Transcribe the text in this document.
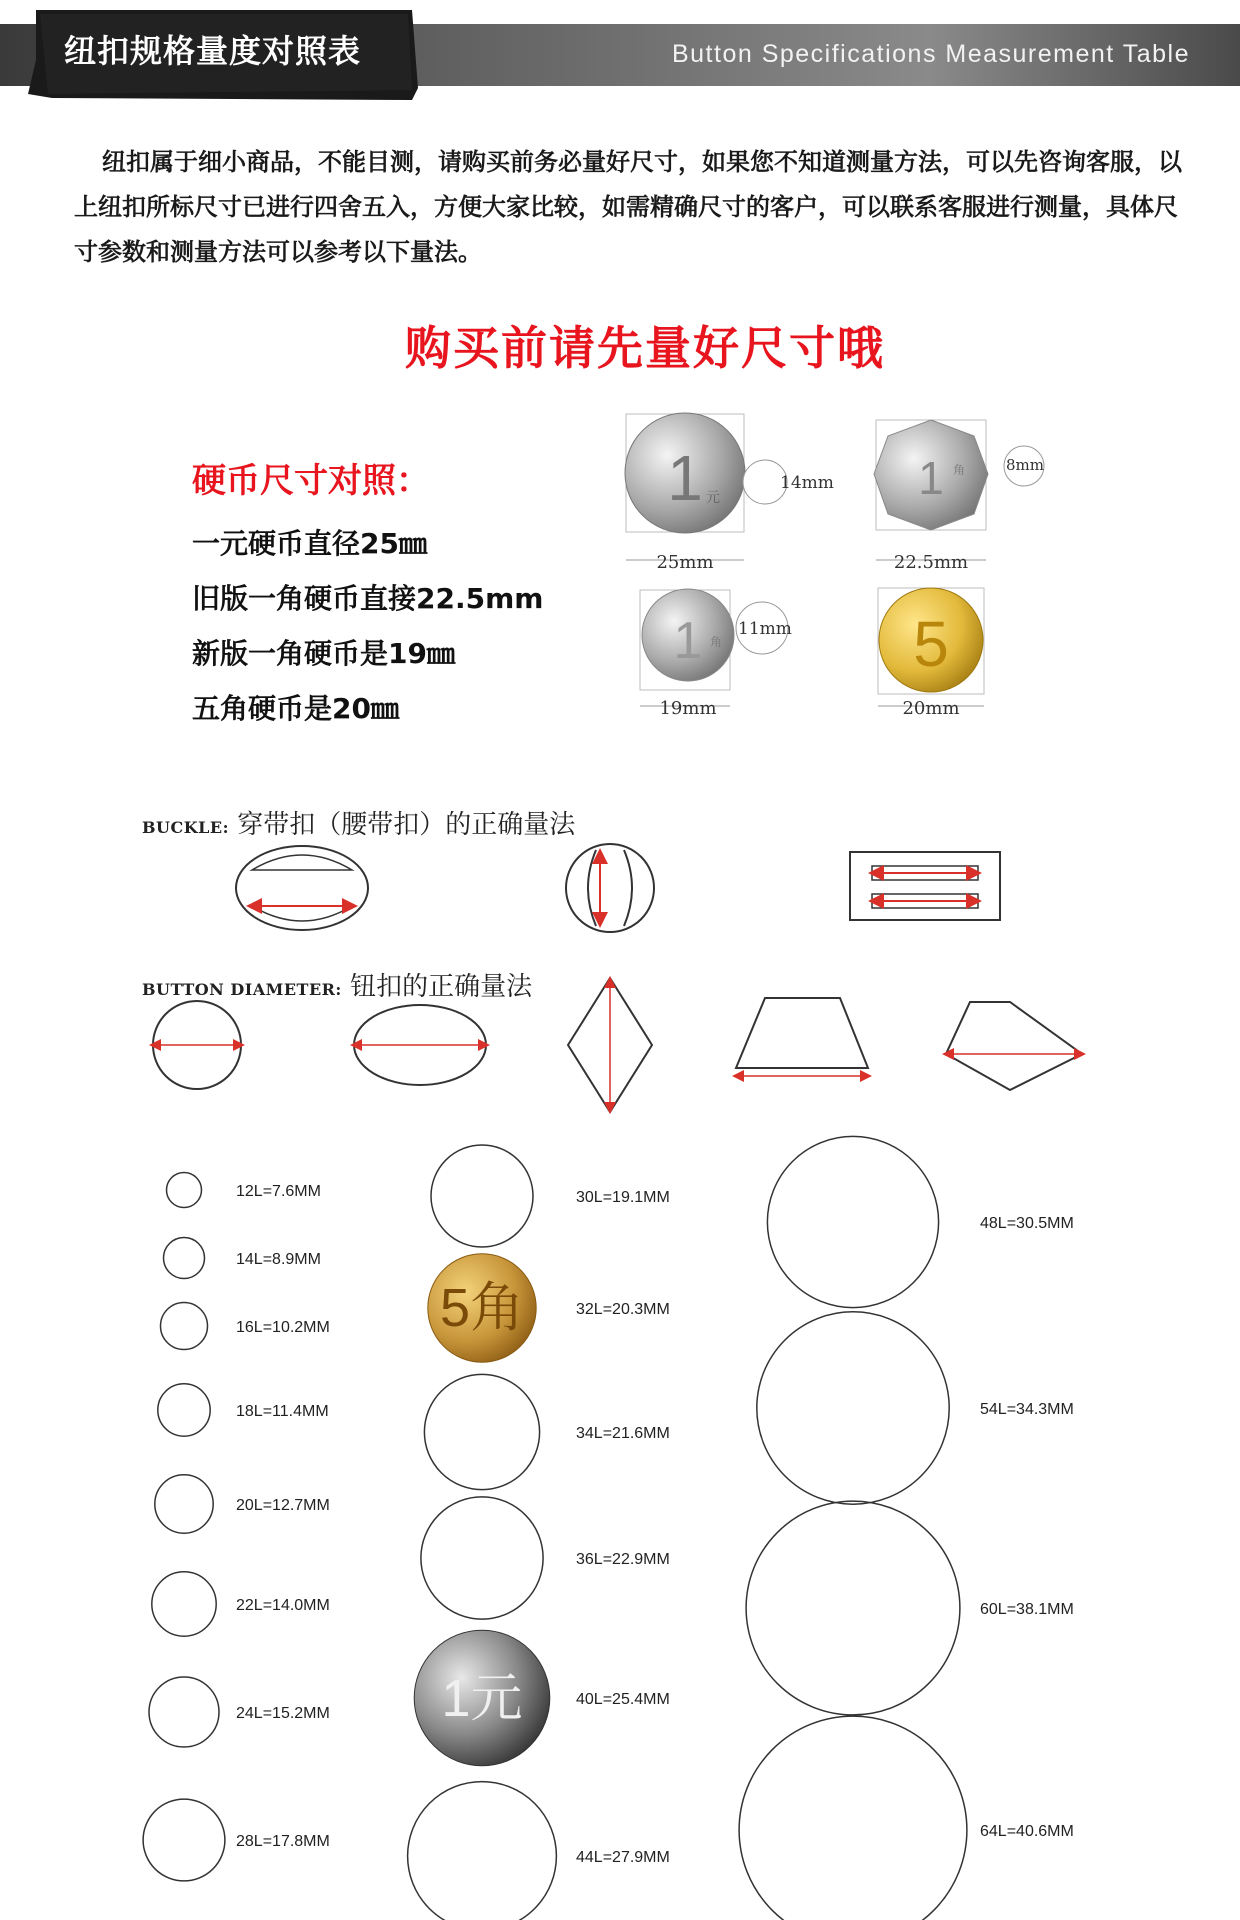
纽扣规格量度对照表	Button Specifications Measurement Table
纽扣属于细小商品，不能目测，请购买前务必量好尺寸，如果您不知道测量方法，可以先咨询客服，以上纽扣所标尺寸已进行四舍五入，方便大家比较，如需精确尺寸的客户，可以联系客服进行测量，具体尺寸参数和测量方法可以参考以下量法。
购买前请先量好尺寸哦
硬币尺寸对照：
一元硬币直径25㎜
旧版一角硬币直接22.5mm
新版一角硬币是19㎜
五角硬币是20㎜
1 元
14mm
25mm
1 角	8mm
22.5mm
1 角
11mm
19mm
5
20mm
BUCKLE: 穿带扣（腰带扣）的正确量法
BUTTON DIAMETER: 钮扣的正确量法
12L=7.6MM
14L=8.9MM
16L=10.2MM
18L=11.4MM
20L=12.7MM
22L=14.0MM
24L=15.2MM
28L=17.8MM
30L=19.1MM
5角	32L=20.3MM
34L=21.6MM
36L=22.9MM
1元	40L=25.4MM
44L=27.9MM
48L=30.5MM
54L=34.3MM
60L=38.1MM
64L=40.6MM
